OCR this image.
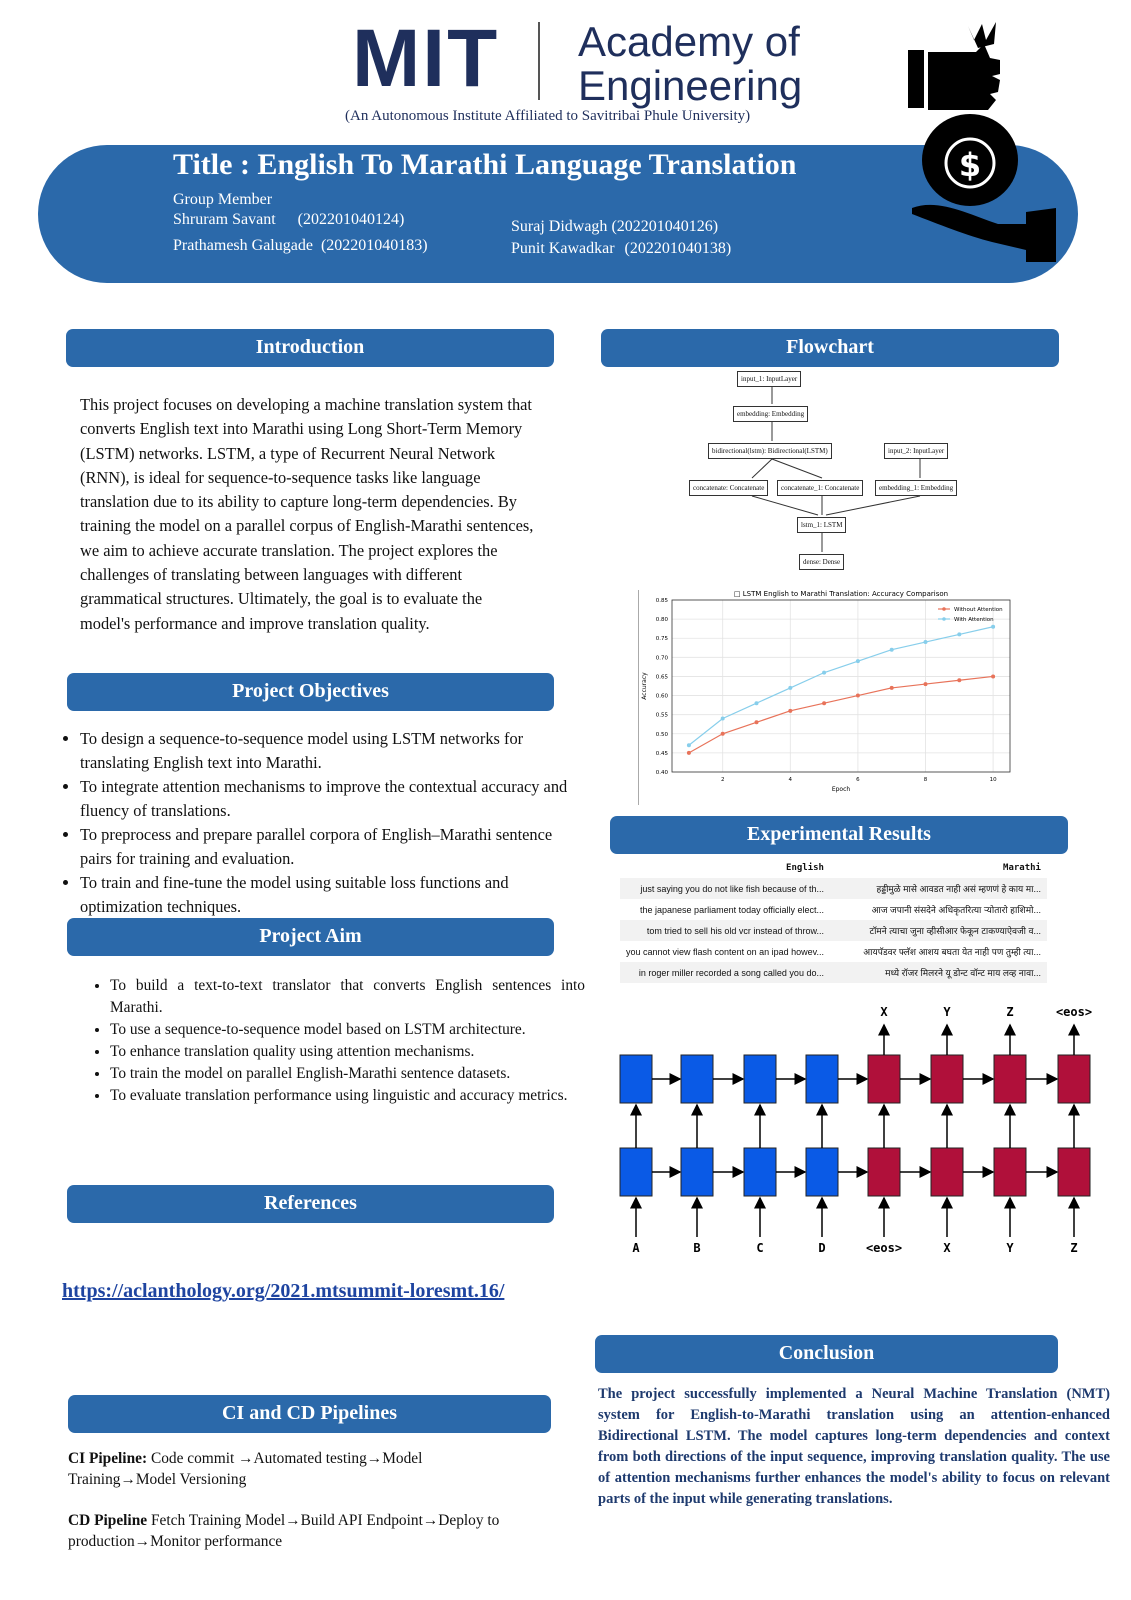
MIT Academy of
Engineering
(An Autonomous Institute Affiliated to Savitribai Phule University)
Title : English To Marathi Language Translation
Group Member
Shruram Savant (202201040124)
Prathamesh Galugade (202201040183)
Suraj Didwagh (202201040126)
Punit Kawadkar (202201040138)
$
Introduction
This project focuses on developing a machine translation system that converts English text into Marathi using Long Short-Term Memory (LSTM) networks. LSTM, a type of Recurrent Neural Network (RNN), is ideal for sequence-to-sequence tasks like language translation due to its ability to capture long-term dependencies. By training the model on a parallel corpus of English-Marathi sentences, we aim to achieve accurate translation. The project explores the challenges of translating between languages with different grammatical structures. Ultimately, the goal is to evaluate the model's performance and improve translation quality.
Project Objectives
• To design a sequence-to-sequence model using LSTM networks for translating English text into Marathi.
• To integrate attention mechanisms to improve the contextual accuracy and fluency of translations.
• To preprocess and prepare parallel corpora of English–Marathi sentence pairs for training and evaluation.
• To train and fine-tune the model using suitable loss functions and optimization techniques.
Project Aim
• To build a text-to-text translator that converts English sentences into Marathi.
• To use a sequence-to-sequence model based on LSTM architecture.
• To enhance translation quality using attention mechanisms.
• To train the model on parallel English-Marathi sentence datasets.
• To evaluate translation performance using linguistic and accuracy metrics.
References
https://aclanthology.org/2021.mtsummit-loresmt.16/
CI and CD Pipelines
CI Pipeline: Code commit →Automated testing→Model Training→Model Versioning
CD Pipeline Fetch Training Model→Build API Endpoint→Deploy to production→Monitor performance
Flowchart
input_1: InputLayer
embedding: Embedding
bidirectional(lstm): Bidirectional(LSTM)	input_2: InputLayer
concatenate: Concatenate	concatenate_1: Concatenate	embedding_1: Embedding
lstm_1: LSTM
dense: Dense
□ LSTM English to Marathi Translation: Accuracy Comparison
0.40
0.45
0.50
0.55
0.60
0.65
0.70
0.75
0.80
0.85
2	4	6	8	10
Epoch
Accuracy
Without Attention
With Attention
Experimental Results
English	Marathi
just saying you do not like fish because of th...	हड्डीमुळे मासे आवडत नाही असं म्हणणं हे काय मा...
the japanese parliament today officially elect...	आज जपानी संसदेने अधिकृतरित्या र्‍योतारो हाशिमो...
tom tried to sell his old vcr instead of throw...	टॉमने त्याचा जुना व्हीसीआर फेकून टाकण्याऐवजी व...
you cannot view flash content on an ipad howev...	आयपॅडवर फ्लॅश आशय बघता येत नाही पण तुम्ही त्या...
in roger miller recorded a song called you do...	मध्ये रॉजर मिलरने यू डोन्ट वॉन्ट माय लव्ह नावा...
A	B	C	D	<eos>
X
X
Y
Y
Z
Z
<eos>
Conclusion
The project successfully implemented a Neural Machine Translation (NMT) system for English-to-Marathi translation using an attention-enhanced Bidirectional LSTM. The model captures long-term dependencies and context from both directions of the input sequence, improving translation quality. The use of attention mechanisms further enhances the model's ability to focus on relevant parts of the input while generating translations.
